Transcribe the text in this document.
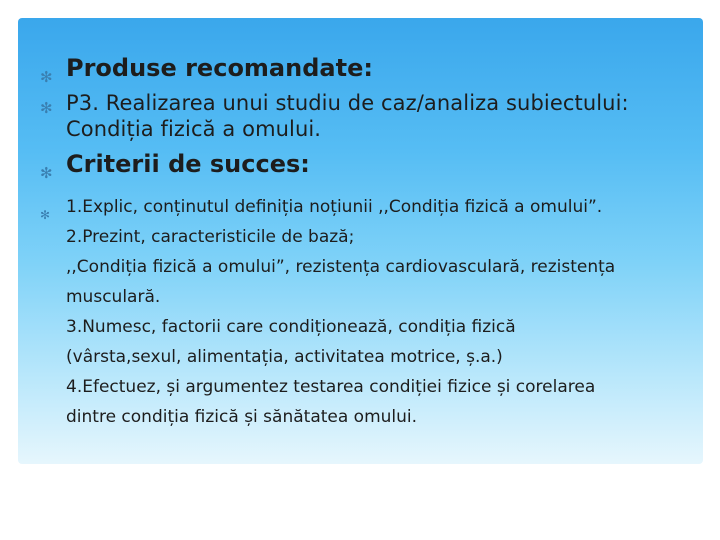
✻ Produse recomandate:
✻ P3. Realizarea unui studiu de caz/analiza subiectului:
Condiția fizică a omului.
✻ Criterii de succes:
✻ 1.Explic, conținutul definiția noțiunii ,,Condiția fizică a omului”.
2.Prezint, caracteristicile de bază;
,,Condiția fizică a omului”, rezistența cardiovasculară, rezistența
musculară.
3.Numesc, factorii care condiționează, condiția fizică
(vârsta,sexul, alimentația, activitatea motrice, ș.a.)
4.Efectuez, și argumentez testarea condiției fizice și corelarea
dintre condiția fizică și sănătatea omului.
